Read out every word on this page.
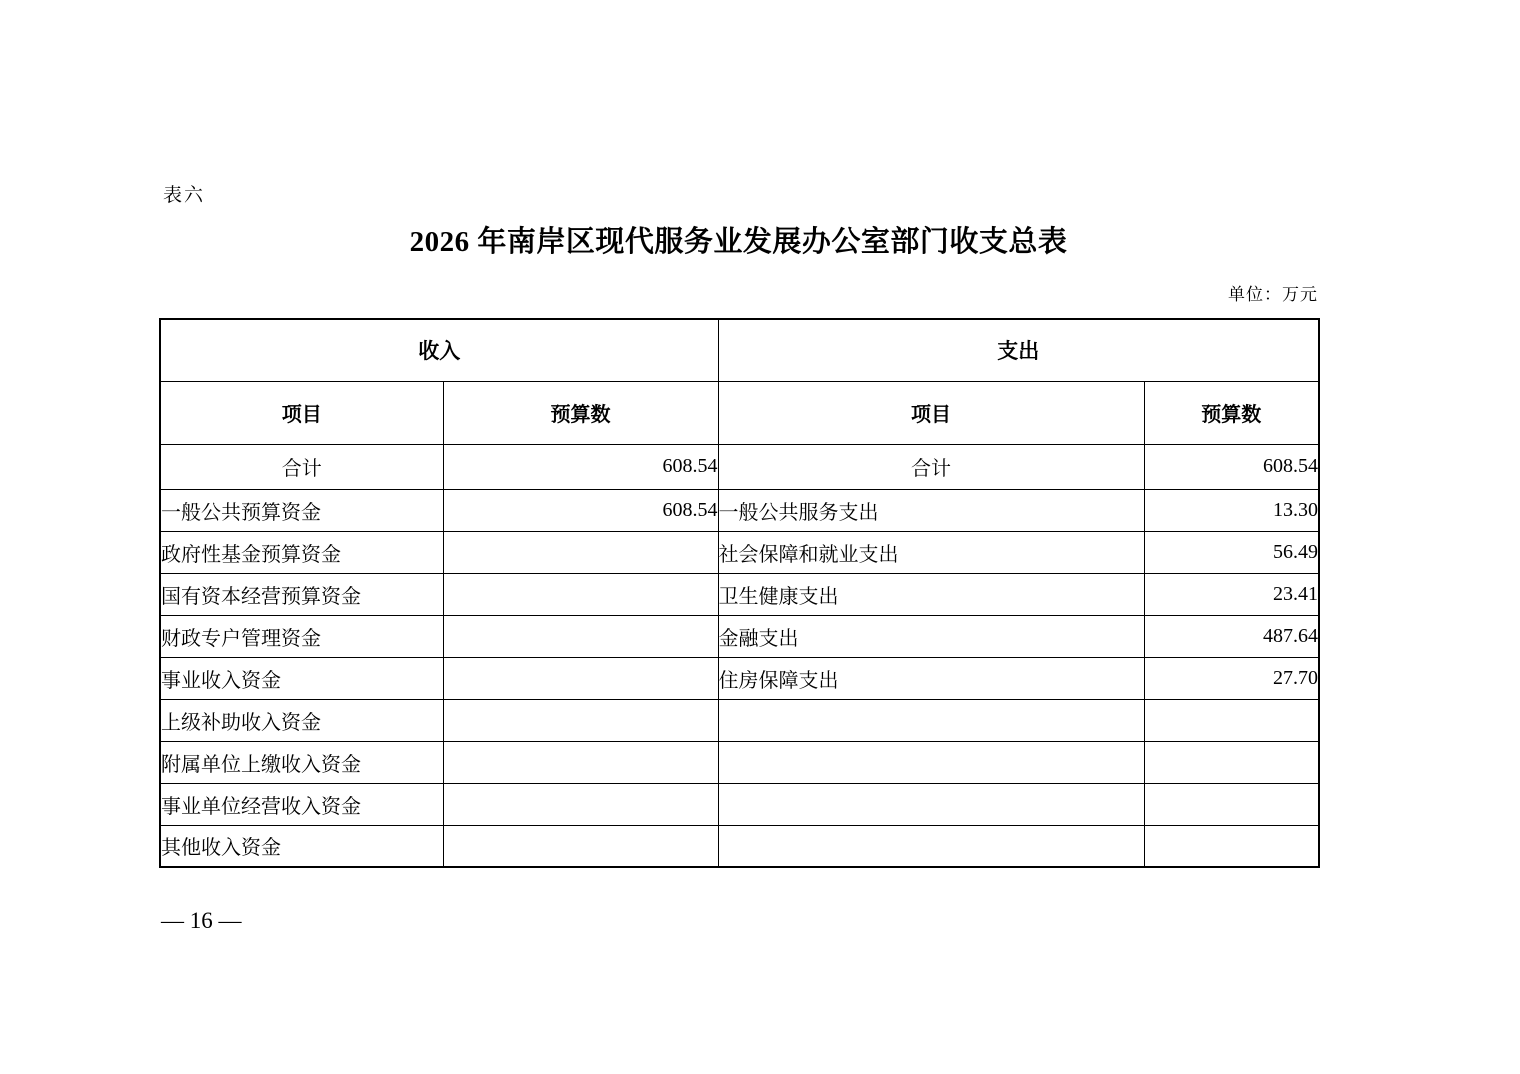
表六
2026 年南岸区现代服务业发展办公室部门收支总表
单位：万元
收入		支出	
项目	预算数	项目	预算数
合计	608.54	合计	608.54
一般公共预算资金	608.54	一般公共服务支出	13.30
政府性基金预算资金		社会保障和就业支出	56.49
国有资本经营预算资金		卫生健康支出	23.41
财政专户管理资金		金融支出	487.64
事业收入资金		住房保障支出	27.70
上级补助收入资金			
附属单位上缴收入资金			
事业单位经营收入资金			
其他收入资金			
— 16 —
